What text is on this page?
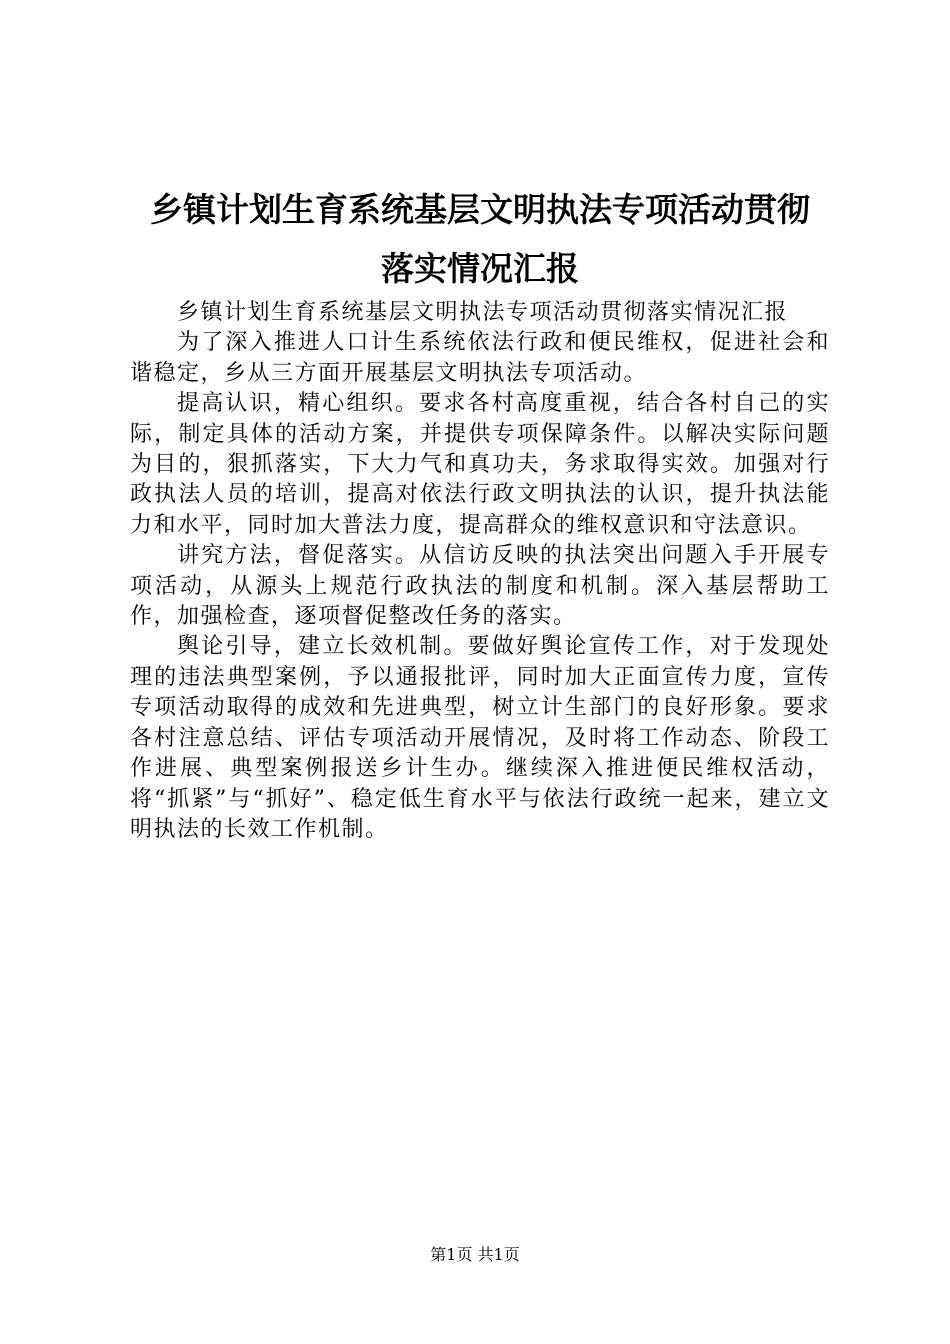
乡镇计划生育系统基层文明执法专项活动贯彻
落实情况汇报

乡镇计划生育系统基层文明执法专项活动贯彻落实情况汇报

为了深入推进人口计生系统依法行政和便民维权，促进社会和谐稳定，乡从三方面开展基层文明执法专项活动。

提高认识，精心组织。要求各村高度重视，结合各村自己的实际，制定具体的活动方案，并提供专项保障条件。以解决实际问题为目的，狠抓落实，下大力气和真功夫，务求取得实效。加强对行政执法人员的培训，提高对依法行政文明执法的认识，提升执法能力和水平，同时加大普法力度，提高群众的维权意识和守法意识。

讲究方法，督促落实。从信访反映的执法突出问题入手开展专项活动，从源头上规范行政执法的制度和机制。深入基层帮助工作，加强检查，逐项督促整改任务的落实。

舆论引导，建立长效机制。要做好舆论宣传工作，对于发现处理的违法典型案例，予以通报批评，同时加大正面宣传力度，宣传专项活动取得的成效和先进典型，树立计生部门的良好形象。要求各村注意总结、评估专项活动开展情况，及时将工作动态、阶段工作进展、典型案例报送乡计生办。继续深入推进便民维权活动，将“抓紧”与“抓好”、稳定低生育水平与依法行政统一起来，建立文明执法的长效工作机制。

第1页 共1页
